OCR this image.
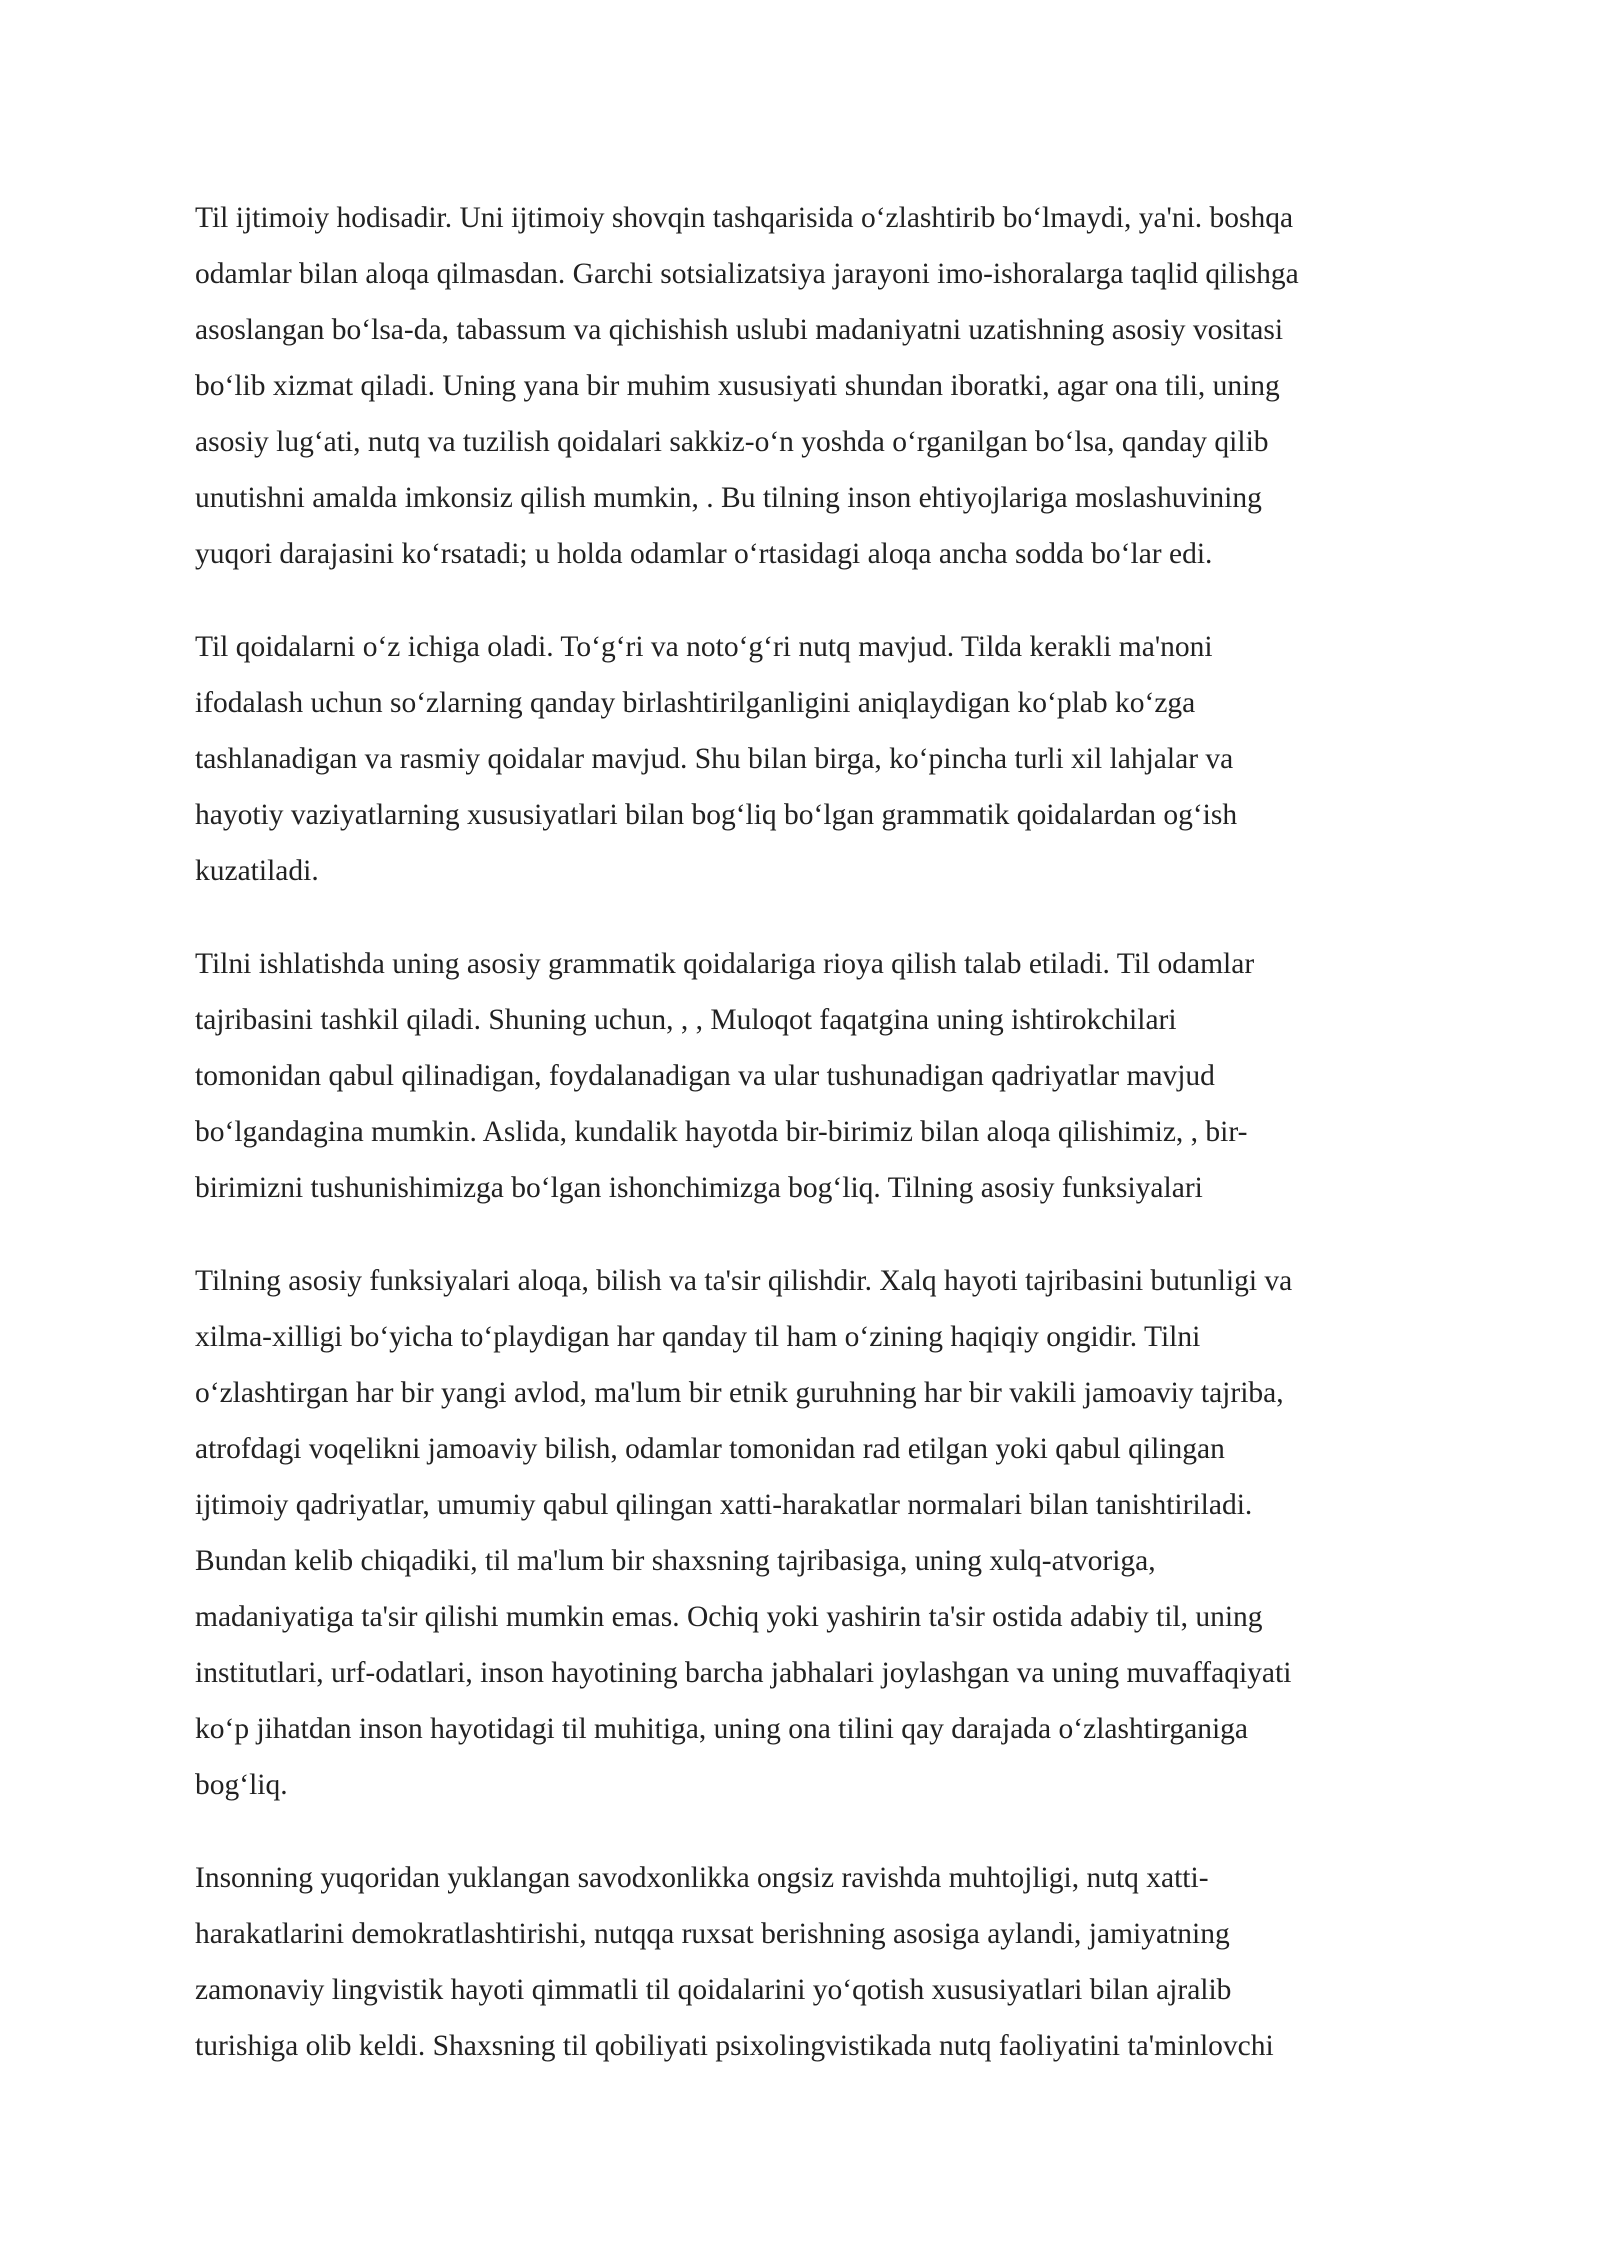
Til ijtimoiy hodisadir. Uni ijtimoiy shovqin tashqarisida oʻzlashtirib boʻlmaydi, ya'ni. boshqa
odamlar bilan aloqa qilmasdan. Garchi sotsializatsiya jarayoni imo-ishoralarga taqlid qilishga
asoslangan boʻlsa-da, tabassum va qichishish uslubi madaniyatni uzatishning asosiy vositasi
boʻlib xizmat qiladi. Uning yana bir muhim xususiyati shundan iboratki, agar ona tili, uning
asosiy lugʻati, nutq va tuzilish qoidalari sakkiz-oʻn yoshda oʻrganilgan boʻlsa, qanday qilib
unutishni amalda imkonsiz qilish mumkin, . Bu tilning inson ehtiyojlariga moslashuvining
yuqori darajasini koʻrsatadi; u holda odamlar oʻrtasidagi aloqa ancha sodda boʻlar edi.

Til qoidalarni oʻz ichiga oladi. Toʻgʻri va notoʻgʻri nutq mavjud. Tilda kerakli ma'noni
ifodalash uchun soʻzlarning qanday birlashtirilganligini aniqlaydigan koʻplab koʻzga
tashlanadigan va rasmiy qoidalar mavjud. Shu bilan birga, koʻpincha turli xil lahjalar va
hayotiy vaziyatlarning xususiyatlari bilan bogʻliq boʻlgan grammatik qoidalardan ogʻish
kuzatiladi.

Tilni ishlatishda uning asosiy grammatik qoidalariga rioya qilish talab etiladi. Til odamlar
tajribasini tashkil qiladi. Shuning uchun, , , Muloqot faqatgina uning ishtirokchilari
tomonidan qabul qilinadigan, foydalanadigan va ular tushunadigan qadriyatlar mavjud
boʻlgandagina mumkin. Aslida, kundalik hayotda bir-birimiz bilan aloqa qilishimiz, , bir-
birimizni tushunishimizga boʻlgan ishonchimizga bogʻliq. Tilning asosiy funksiyalari

Tilning asosiy funksiyalari aloqa, bilish va ta'sir qilishdir. Xalq hayoti tajribasini butunligi va
xilma-xilligi boʻyicha toʻplaydigan har qanday til ham oʻzining haqiqiy ongidir. Tilni
oʻzlashtirgan har bir yangi avlod, ma'lum bir etnik guruhning har bir vakili jamoaviy tajriba,
atrofdagi voqelikni jamoaviy bilish, odamlar tomonidan rad etilgan yoki qabul qilingan
ijtimoiy qadriyatlar, umumiy qabul qilingan xatti-harakatlar normalari bilan tanishtiriladi.
Bundan kelib chiqadiki, til ma'lum bir shaxsning tajribasiga, uning xulq-atvoriga,
madaniyatiga ta'sir qilishi mumkin emas. Ochiq yoki yashirin ta'sir ostida adabiy til, uning
institutlari, urf-odatlari, inson hayotining barcha jabhalari joylashgan va uning muvaffaqiyati
koʻp jihatdan inson hayotidagi til muhitiga, uning ona tilini qay darajada oʻzlashtirganiga
bogʻliq.

Insonning yuqoridan yuklangan savodxonlikka ongsiz ravishda muhtojligi, nutq xatti-
harakatlarini demokratlashtirishi, nutqqa ruxsat berishning asosiga aylandi, jamiyatning
zamonaviy lingvistik hayoti qimmatli til qoidalarini yoʻqotish xususiyatlari bilan ajralib
turishiga olib keldi. Shaxsning til qobiliyati psixolingvistikada nutq faoliyatini ta'minlovchi
